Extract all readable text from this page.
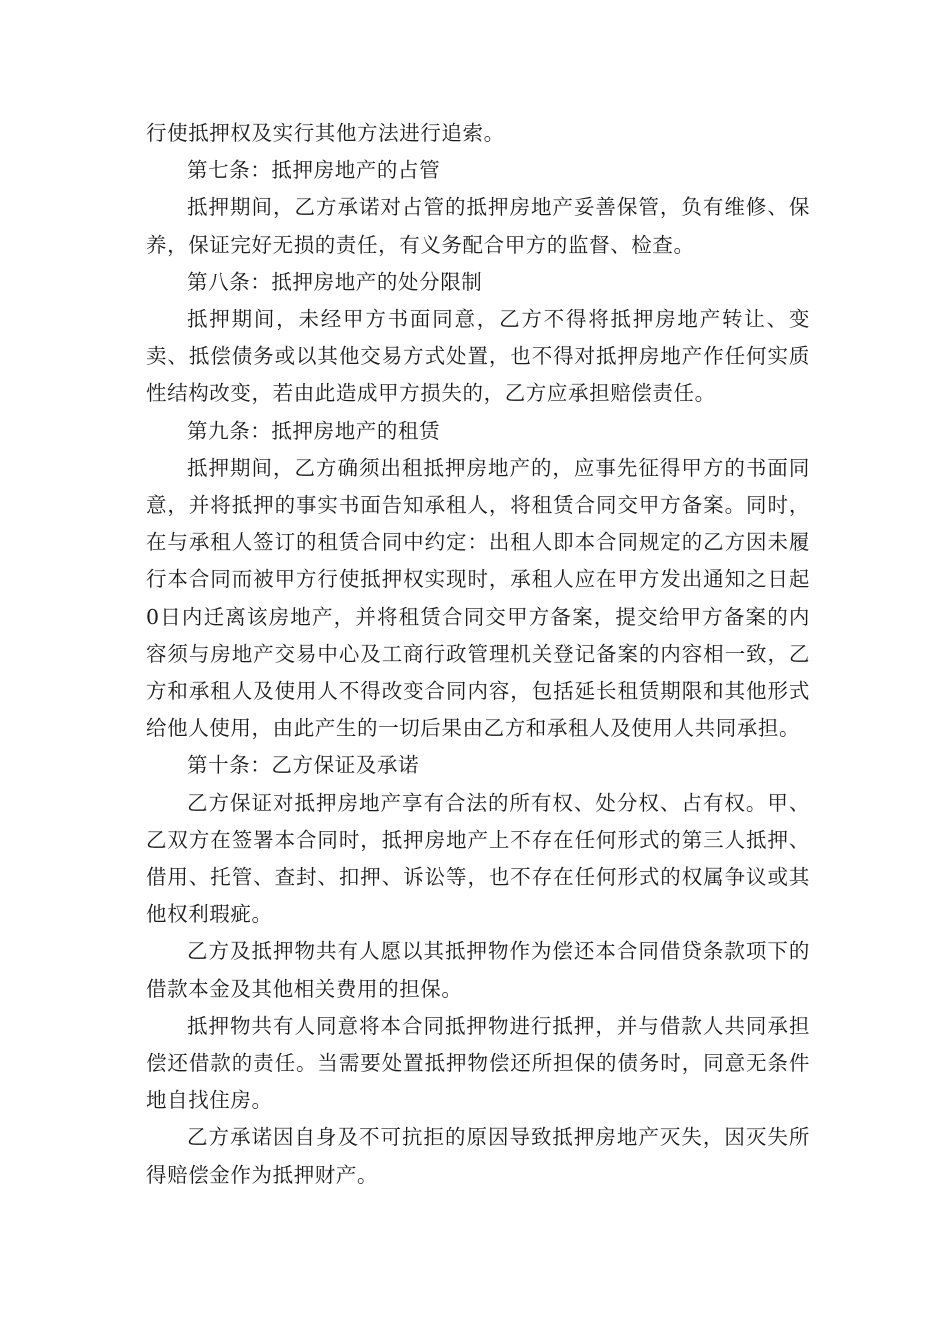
行使抵押权及实行其他方法进行追索。

第七条：抵押房地产的占管

抵押期间，乙方承诺对占管的抵押房地产妥善保管，负有维修、保养，保证完好无损的责任，有义务配合甲方的监督、检查。

第八条：抵押房地产的处分限制

抵押期间，未经甲方书面同意，乙方不得将抵押房地产转让、变卖、抵偿债务或以其他交易方式处置，也不得对抵押房地产作任何实质性结构改变，若由此造成甲方损失的，乙方应承担赔偿责任。

第九条：抵押房地产的租赁

抵押期间，乙方确须出租抵押房地产的，应事先征得甲方的书面同意，并将抵押的事实书面告知承租人，将租赁合同交甲方备案。同时，在与承租人签订的租赁合同中约定：出租人即本合同规定的乙方因未履行本合同而被甲方行使抵押权实现时，承租人应在甲方发出通知之日起0日内迁离该房地产，并将租赁合同交甲方备案，提交给甲方备案的内容须与房地产交易中心及工商行政管理机关登记备案的内容相一致，乙方和承租人及使用人不得改变合同内容，包括延长租赁期限和其他形式给他人使用，由此产生的一切后果由乙方和承租人及使用人共同承担。

第十条：乙方保证及承诺

乙方保证对抵押房地产享有合法的所有权、处分权、占有权。甲、乙双方在签署本合同时，抵押房地产上不存在任何形式的第三人抵押、借用、托管、查封、扣押、诉讼等，也不存在任何形式的权属争议或其他权利瑕疵。

乙方及抵押物共有人愿以其抵押物作为偿还本合同借贷条款项下的借款本金及其他相关费用的担保。

抵押物共有人同意将本合同抵押物进行抵押，并与借款人共同承担偿还借款的责任。当需要处置抵押物偿还所担保的债务时，同意无条件地自找住房。

乙方承诺因自身及不可抗拒的原因导致抵押房地产灭失，因灭失所得赔偿金作为抵押财产。
